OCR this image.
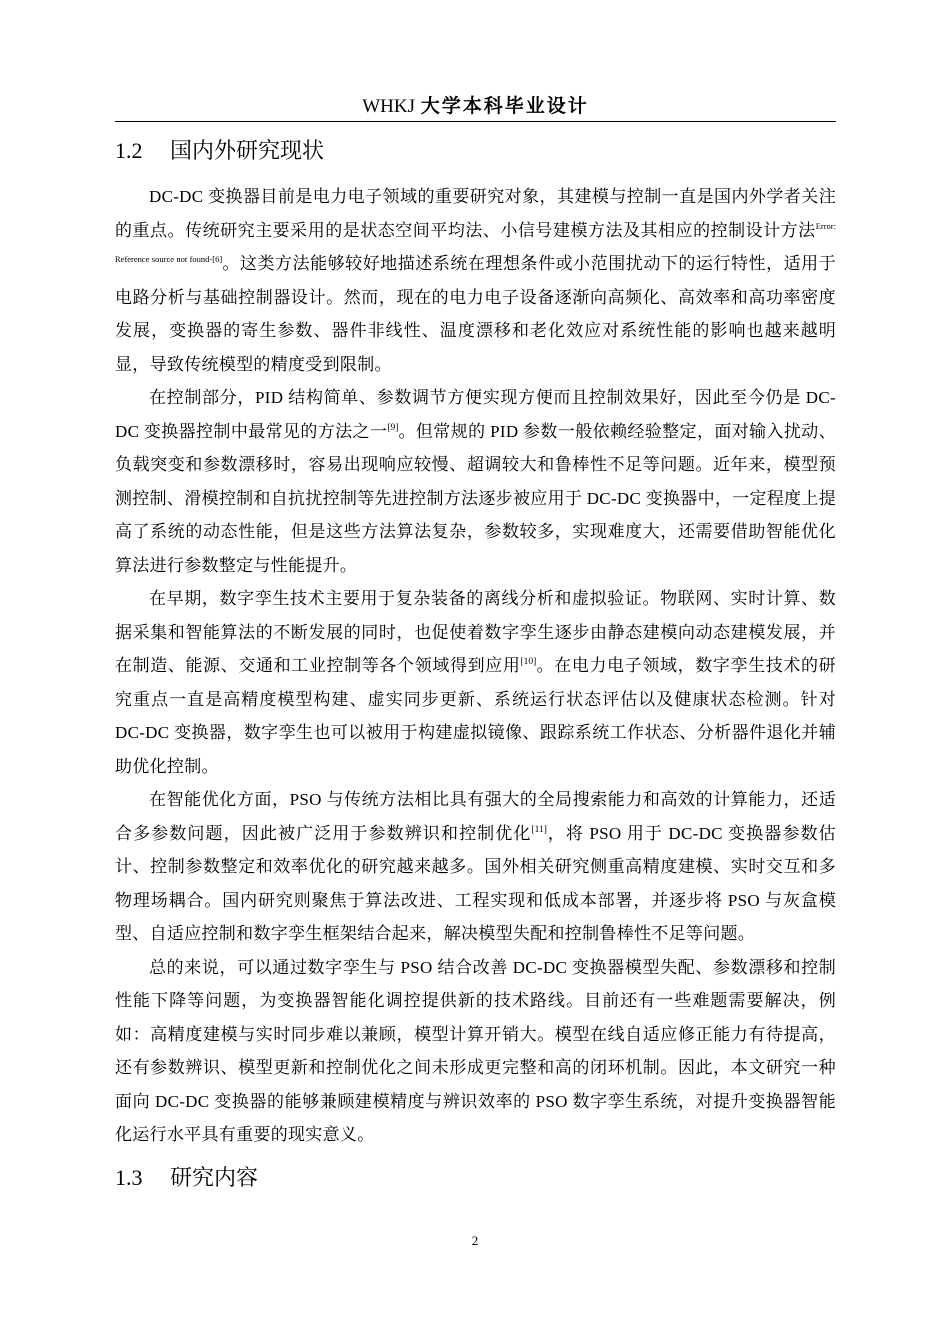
WHKJ 大学本科毕业设计
1.2 国内外研究现状

DC-DC 变换器目前是电力电子领域的重要研究对象，其建模与控制一直是国内外学者关注的重点。传统研究主要采用的是状态空间平均法、小信号建模方法及其相应的控制设计方法$^{Error: Reference source not found-[6]}$。这类方法能够较好地描述系统在理想条件或小范围扰动下的运行特性，适用于电路分析与基础控制器设计。然而，现在的电力电子设备逐渐向高频化、高效率和高功率密度发展，变换器的寄生参数、器件非线性、温度漂移和老化效应对系统性能的影响也越来越明显，导致传统模型的精度受到限制。

在控制部分，PID 结构简单、参数调节方便实现方便而且控制效果好，因此至今仍是 DC-DC 变换器控制中最常见的方法之一[9]。但常规的 PID 参数一般依赖经验整定，面对输入扰动、负载突变和参数漂移时，容易出现响应较慢、超调较大和鲁棒性不足等问题。近年来，模型预测控制、滑模控制和自抗扰控制等先进控制方法逐步被应用于 DC-DC 变换器中，一定程度上提高了系统的动态性能，但是这些方法算法复杂，参数较多，实现难度大，还需要借助智能优化算法进行参数整定与性能提升。

在早期，数字孪生技术主要用于复杂装备的离线分析和虚拟验证。物联网、实时计算、数据采集和智能算法的不断发展的同时，也促使着数字孪生逐步由静态建模向动态建模发展，并在制造、能源、交通和工业控制等各个领域得到应用[10]。在电力电子领域，数字孪生技术的研究重点一直是高精度模型构建、虚实同步更新、系统运行状态评估以及健康状态检测。针对 DC-DC 变换器，数字孪生也可以被用于构建虚拟镜像、跟踪系统工作状态、分析器件退化并辅助优化控制。

在智能优化方面，PSO 与传统方法相比具有强大的全局搜索能力和高效的计算能力，还适合多参数问题，因此被广泛用于参数辨识和控制优化[11]，将 PSO 用于 DC-DC 变换器参数估计、控制参数整定和效率优化的研究越来越多。国外相关研究侧重高精度建模、实时交互和多物理场耦合。国内研究则聚焦于算法改进、工程实现和低成本部署，并逐步将 PSO 与灰盒模型、自适应控制和数字孪生框架结合起来，解决模型失配和控制鲁棒性不足等问题。

总的来说，可以通过数字孪生与 PSO 结合改善 DC-DC 变换器模型失配、参数漂移和控制性能下降等问题，为变换器智能化调控提供新的技术路线。目前还有一些难题需要解决，例如：高精度建模与实时同步难以兼顾，模型计算开销大。模型在线自适应修正能力有待提高，还有参数辨识、模型更新和控制优化之间未形成更完整和高的闭环机制。因此，本文研究一种面向 DC-DC 变换器的能够兼顾建模精度与辨识效率的 PSO 数字孪生系统，对提升变换器智能化运行水平具有重要的现实意义。

1.3 研究内容
2
